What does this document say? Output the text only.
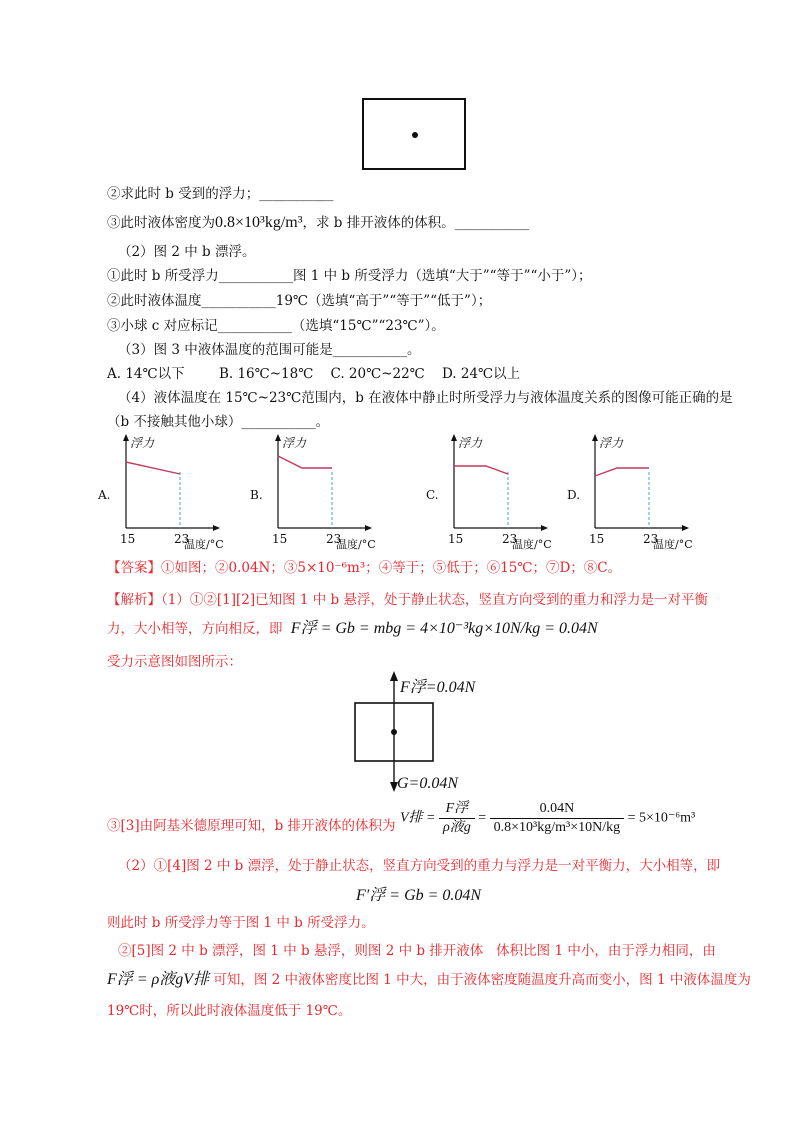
②求此时 b 受到的浮力；___________
③此时液体密度为0.8×10³kg/m³，求 b 排开液体的体积。___________
（2）图 2 中 b 漂浮。
①此时 b 所受浮力___________图 1 中 b 所受浮力（选填“大于”“等于”“小于”）；
②此时液体温度___________19℃（选填“高于”“等于”“低于”）；
③小球 c 对应标记___________（选填“15℃”“23℃”）。
（3）图 3 中液体温度的范围可能是___________。
A. 14℃以下        B. 16℃~18℃    C. 20℃~22℃    D. 24℃以上
（4）液体温度在 15℃~23℃范围内，b 在液体中静止时所受浮力与液体温度关系的图像可能正确的是
（b 不接触其他小球）___________。
A.
浮力
15	23
温度/°C
B.
浮力
15	23
温度/°C
C.
浮力
15	23
温度/°C
D.
浮力
15	23
温度/°C
【答案】①如图；②0.04N；③5×10⁻⁶m³；④等于；⑤低于；⑥15℃；⑦D；⑧C。
【解析】（1）①②[1][2]已知图 1 中 b 悬浮，处于静止状态，竖直方向受到的重力和浮力是一对平衡
力，大小相等，方向相反，即 F浮 = Gb = mbg = 4×10⁻³kg×10N/kg = 0.04N
受力示意图如图所示：
F浮=0.04N
G=0.04N
③[3]由阿基米德原理可知，b 排开液体的体积为 V排 = $\frac{\text{F浮}}{\text{ρ液g}} = \frac{0.04N}{\text{0.8×10³kg/m³×10N/kg}} = 5\times 10^{-6}m^3$
（2）①[4]图 2 中 b 漂浮，处于静止状态，竖直方向受到的重力与浮力是一对平衡力，大小相等，即
F′浮 = Gb = 0.04N
则此时 b 所受浮力等于图 1 中 b 所受浮力。
②[5]图 2 中 b 漂浮，图 1 中 b 悬浮，则图 2 中 b 排开液体   体积比图 1 中小，由于浮力相同，由
F浮 = ρ液gV排 可知，图 2 中液体密度比图 1 中大，由于液体密度随温度升高而变小，图 1 中液体温度为
19℃时，所以此时液体温度低于 19℃。
